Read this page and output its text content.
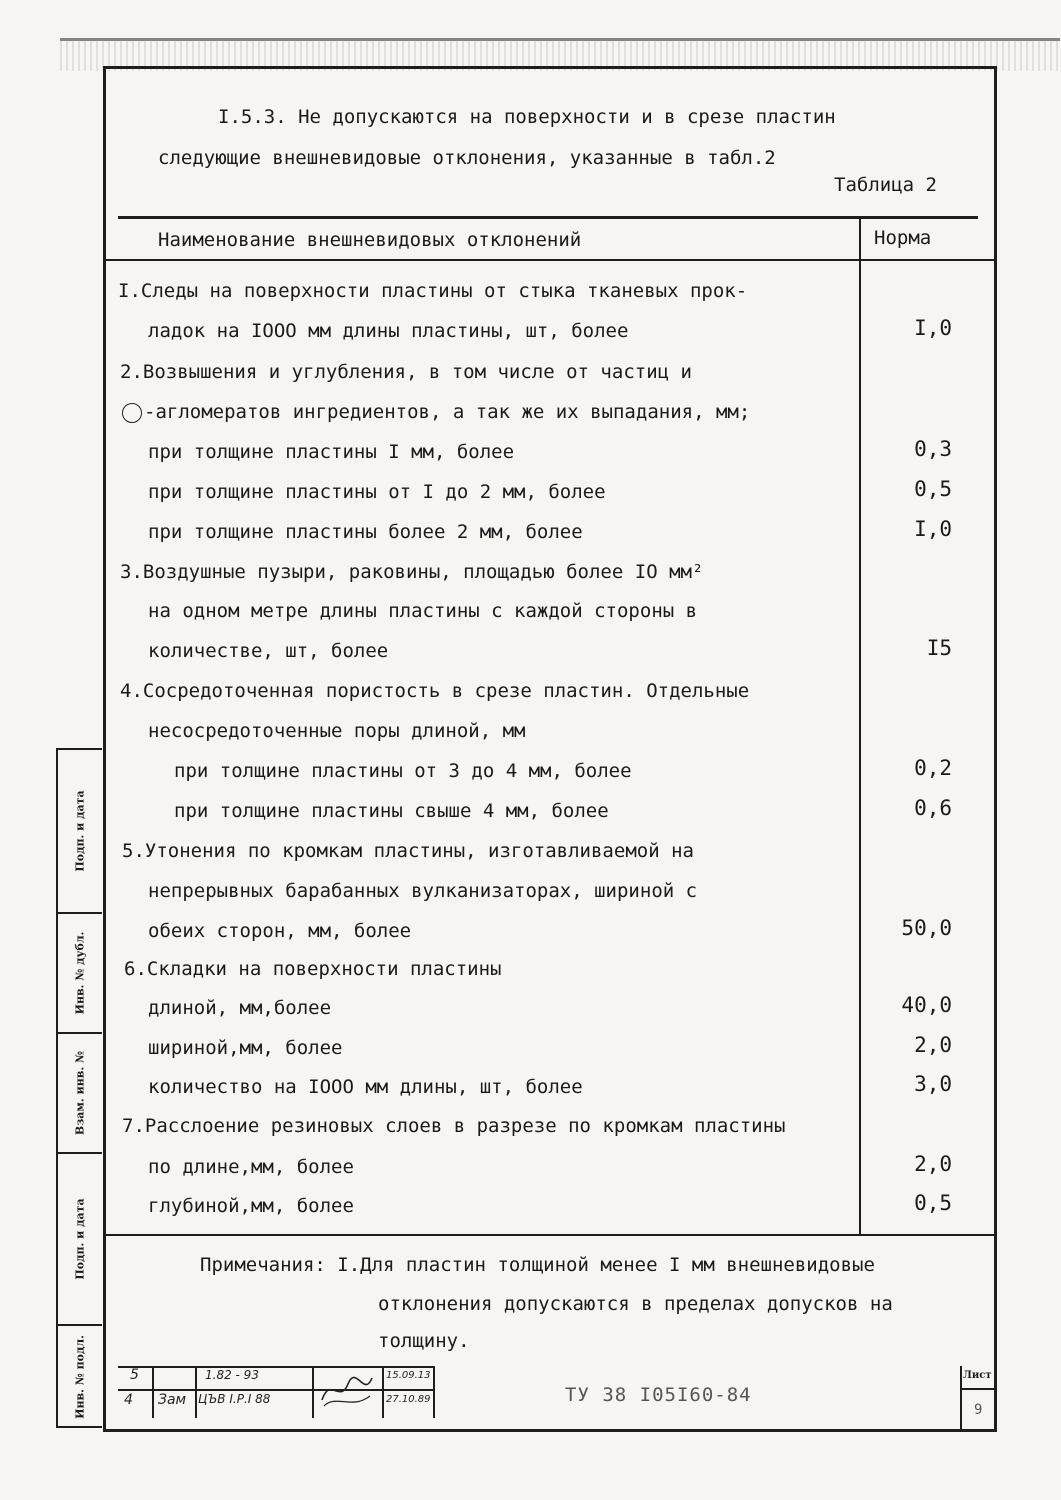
I.5.3. Не допускаются на поверхности и в срезе пластин
следующие внешневидовые отклонения, указанные в табл.2
Таблица 2
Наименование внешневидовых отклонений	Норма
I.Следы на поверхности пластины от стыка тканевых прок-
ладок на IOOO мм длины пластины, шт, более	I,0
2.Возвышения и углубления, в том числе от частиц и
-агломератов ингредиентов, а так же их выпадания, мм;
при толщине пластины I мм, более	0,3
при толщине пластины от I до 2 мм, более	0,5
при толщине пластины более 2 мм, более	I,0
3.Воздушные пузыри, раковины, площадью более IO мм²
на одном метре длины пластины с каждой стороны в
количестве, шт, более	I5
4.Сосредоточенная пористость в срезе пластин. Отдельные
несосредоточенные поры длиной, мм
при толщине пластины от 3 до 4 мм, более	0,2
при толщине пластины свыше 4 мм, более	0,6
5.Утонения по кромкам пластины, изготавливаемой на
непрерывных барабанных вулканизаторах, шириной с
обеих сторон, мм, более	50,0
6.Складки на поверхности пластины
длиной, мм,более	40,0
шириной,мм, более	2,0
количество на IOOO мм длины, шт, более	3,0
7.Расслоение резиновых слоев в разрезе по кромкам пластины
по длине,мм, более	2,0
глубиной,мм, более	0,5
Примечания: I.Для пластин толщиной менее I мм внешневидовые
отклонения допускаются в пределах допусков на
толщину.
Подп. и дата
Инв. № дубл.
Взам. инв. №
Подп. и дата
Инв. № подл.	5
4 Зам
1.82 - 93
ЦЪВ I.Р.I 88
15.09.13
27.10.89	ТУ 38 I05I60-84
Лист
9
